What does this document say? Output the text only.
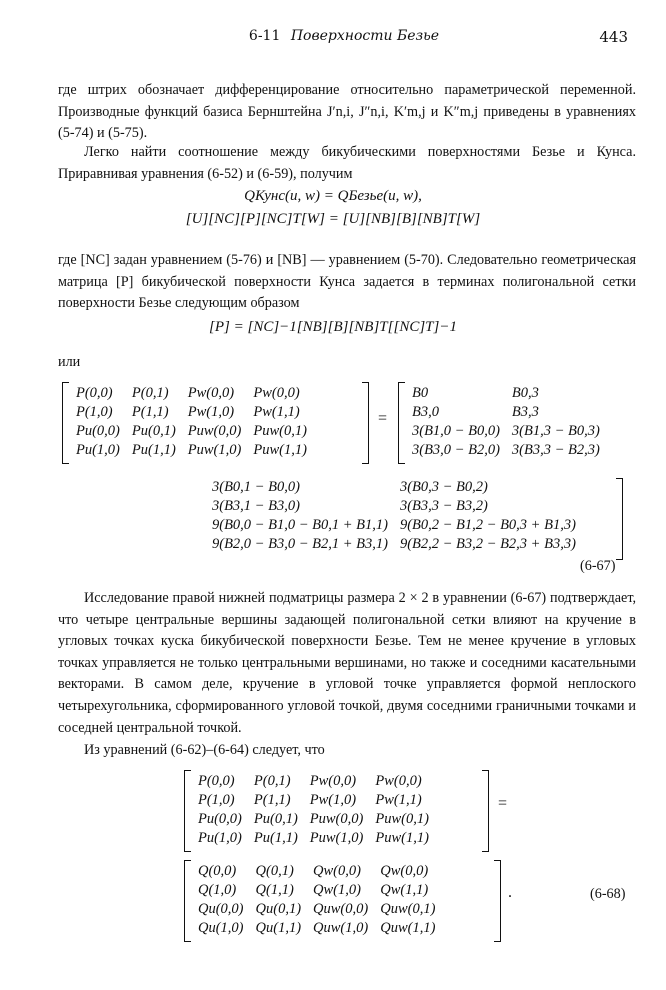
6-11 Поверхности Безье	443
где штрих обозначает дифференцирование относительно параметрической переменной. Производные функций базиса Бернштейна J′n,i, J″n,i, K′m,j и K″m,j приведены в уравнениях (5-74) и (5-75).
Легко найти соотношение между бикубическими поверхностями Безье и Кунса. Приравнивая уравнения (6-52) и (6-59), получим
QКунс(u, w) = QБезье(u, w),
[U][NC][P][NC]T[W] = [U][NB][B][NB]T[W]
где [NC] задан уравнением (5-76) и [NB] — уравнением (5-70). Следовательно геометрическая матрица [P] бикубической поверхности Кунса задается в терминах полигональной сетки поверхности Безье следующим образом
[P] = [NC]−1[NB][B][NB]T[[NC]T]−1
или
P(0,0)	P(0,1)	Pw(0,0)	Pw(0,0)
P(1,0)	P(1,1)	Pw(1,0)	Pw(1,1)
Pu(0,0)	Pu(0,1)	Puw(0,0)	Puw(0,1)
Pu(1,0)	Pu(1,1)	Puw(1,0)	Puw(1,1)
=
B0	B0,3
B3,0	B3,3
3(B1,0 − B0,0)	3(B1,3 − B0,3)
3(B3,0 − B2,0)	3(B3,3 − B2,3)
3(B0,1 − B0,0)	3(B0,3 − B0,2)
3(B3,1 − B3,0)	3(B3,3 − B3,2)
9(B0,0 − B1,0 − B0,1 + B1,1)	9(B0,2 − B1,2 − B0,3 + B1,3)
9(B2,0 − B3,0 − B2,1 + B3,1)	9(B2,2 − B3,2 − B2,3 + B3,3)
(6-67)
Исследование правой нижней подматрицы размера 2 × 2 в уравнении (6-67) подтверждает, что четыре центральные вершины задающей полигональной сетки влияют на кручение в угловых точках куска бикубической поверхности Безье. Тем не менее кручение в угловых точках управляется не только центральными вершинами, но также и соседними касательными векторами. В самом деле, кручение в угловой точке управляется формой неплоского четырехугольника, сформированного угловой точкой, двумя соседними граничными точками и соседней центральной точкой.
Из уравнений (6-62)–(6-64) следует, что
P(0,0)	P(0,1)	Pw(0,0)	Pw(0,0)
P(1,0)	P(1,1)	Pw(1,0)	Pw(1,1)
Pu(0,0)	Pu(0,1)	Puw(0,0)	Puw(0,1)
Pu(1,0)	Pu(1,1)	Puw(1,0)	Puw(1,1)
=
Q(0,0)	Q(0,1)	Qw(0,0)	Qw(0,0)
Q(1,0)	Q(1,1)	Qw(1,0)	Qw(1,1)
Qu(0,0)	Qu(0,1)	Quw(0,0)	Quw(0,1)
Qu(1,0)	Qu(1,1)	Quw(1,0)	Quw(1,1)
.	(6-68)
